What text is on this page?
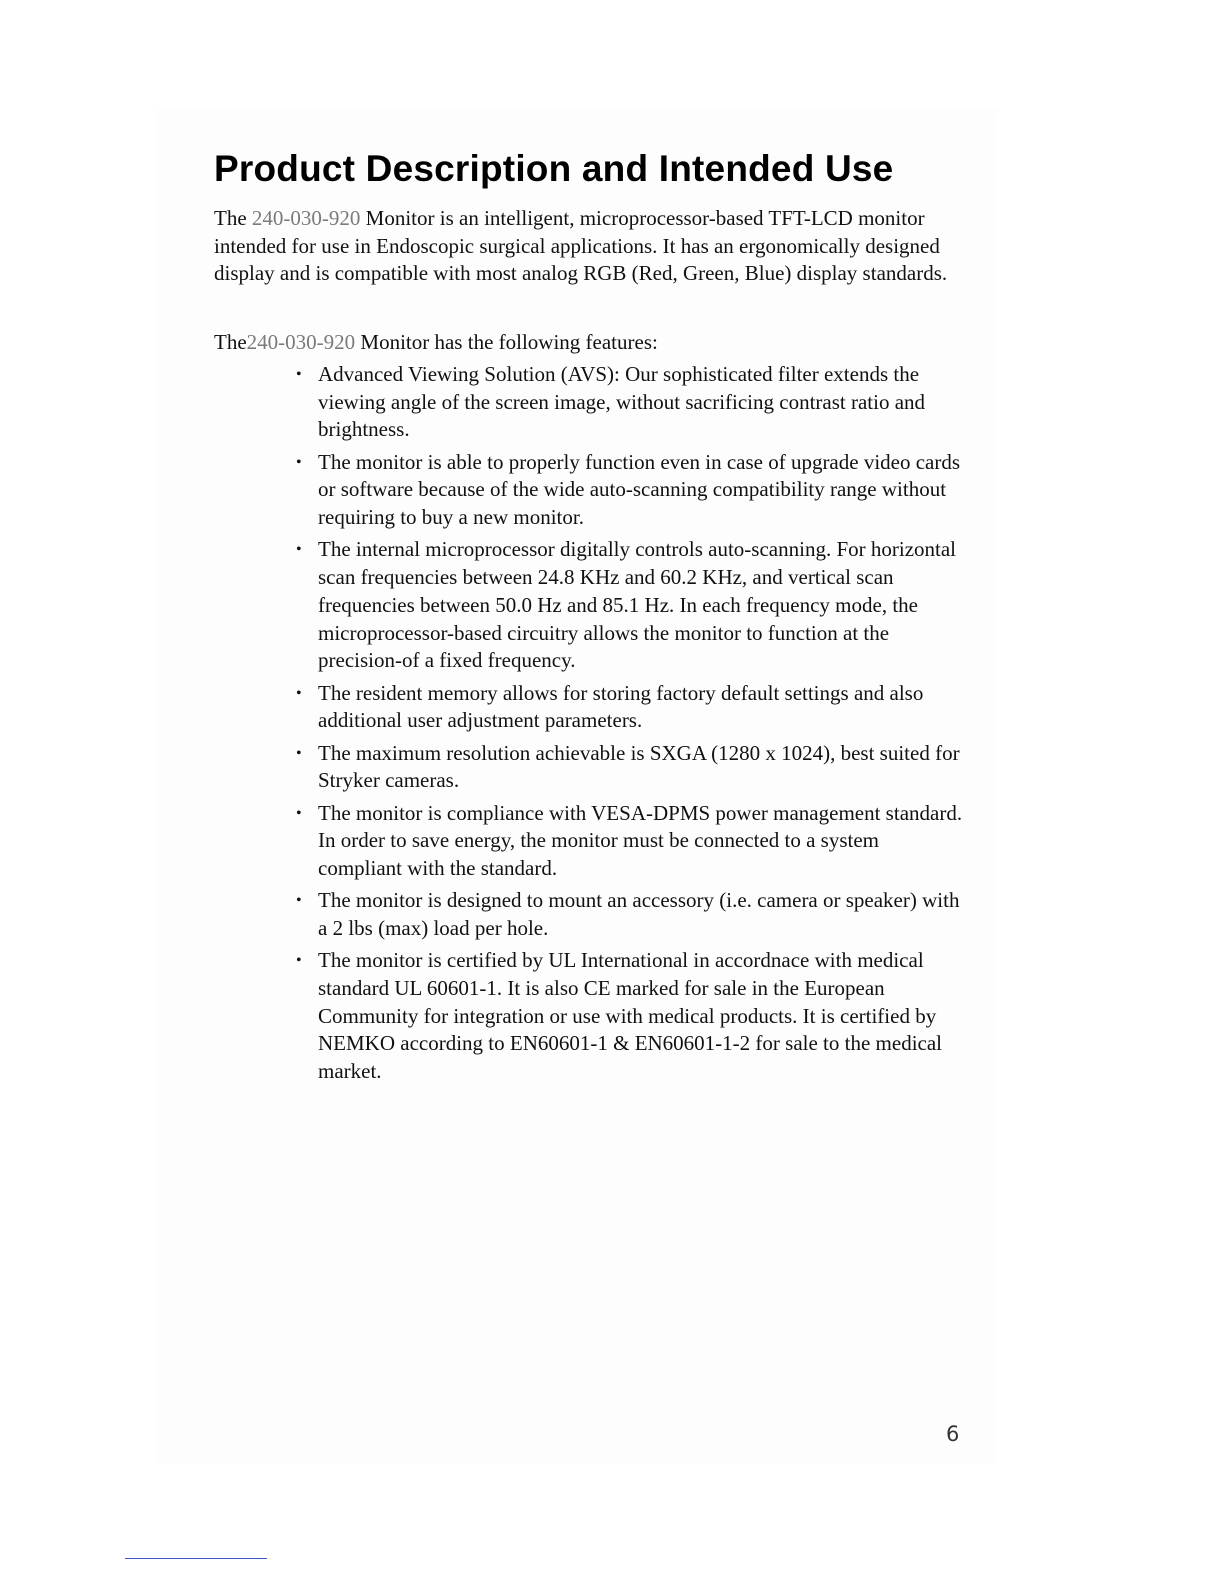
Product Description and Intended Use

The 240-030-920 Monitor is an intelligent, microprocessor-based TFT-LCD monitor intended for use in Endoscopic surgical applications. It has an ergonomically designed display and is compatible with most analog RGB (Red, Green, Blue) display standards.

The240-030-920 Monitor has the following features:

• Advanced Viewing Solution (AVS): Our sophisticated filter extends the viewing angle of the screen image, without sacrificing contrast ratio and brightness.
• The monitor is able to properly function even in case of upgrade video cards or software because of the wide auto-scanning compatibility range without requiring to buy a new monitor.
• The internal microprocessor digitally controls auto-scanning. For horizontal scan frequencies between 24.8 KHz and 60.2 KHz, and vertical scan frequencies between 50.0 Hz and 85.1 Hz. In each frequency mode, the microprocessor-based circuitry allows the monitor to function at the precision-of a fixed frequency.
• The resident memory allows for storing factory default settings and also additional user adjustment parameters.
• The maximum resolution achievable is SXGA (1280 x 1024), best suited for Stryker cameras.
• The monitor is compliance with VESA-DPMS power management standard. In order to save energy, the monitor must be connected to a system compliant with the standard.
• The monitor is designed to mount an accessory (i.e. camera or speaker) with a 2 lbs (max) load per hole.
• The monitor is certified by UL International in accordnace with medical standard UL 60601-1. It is also CE marked for sale in the European Community for integration or use with medical products. It is certified by NEMKO according to EN60601-1 & EN60601-1-2 for sale to the medical market.
6
